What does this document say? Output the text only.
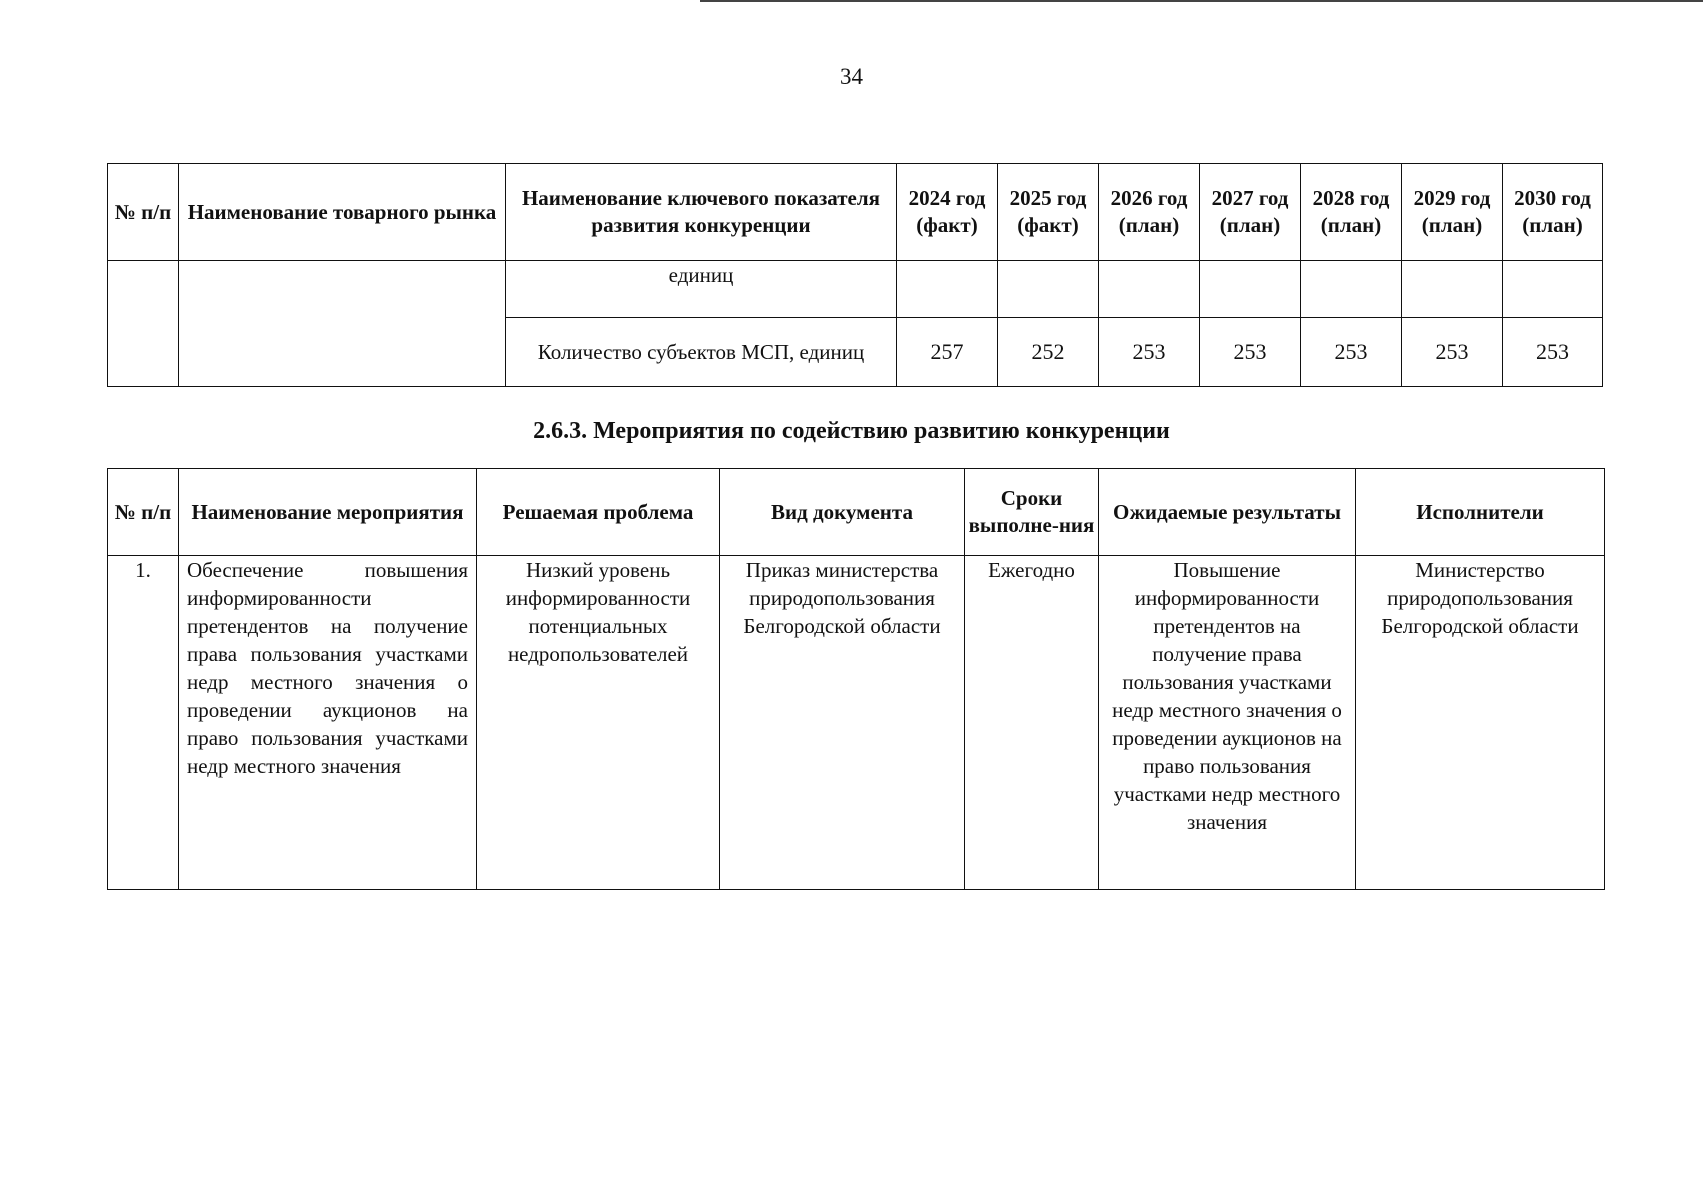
34
№ п/п	Наименование товарного рынка	Наименование ключевого показателя развития конкуренции	2024 год (факт)	2025 год (факт)	2026 год (план)	2027 год (план)	2028 год (план)	2029 год (план)	2030 год (план)
		единиц							
		Количество субъектов МСП, единиц	257	252	253	253	253	253	253
2.6.3. Мероприятия по содействию развитию конкуренции
№ п/п	Наименование мероприятия	Решаемая проблема	Вид документа	Сроки выполне-ния	Ожидаемые результаты	Исполнители
1.	Обеспечение повышения информированности претендентов на получение права пользования участками недр местного значения о проведении аукционов на право пользования участками недр местного значения	Низкий уровень информированности потенциальных недропользователей	Приказ министерства природопользования Белгородской области	Ежегодно	Повышение информированности претендентов на получение права пользования участками недр местного значения о проведении аукционов на право пользования участками недр местного значения	Министерство природопользования Белгородской области
